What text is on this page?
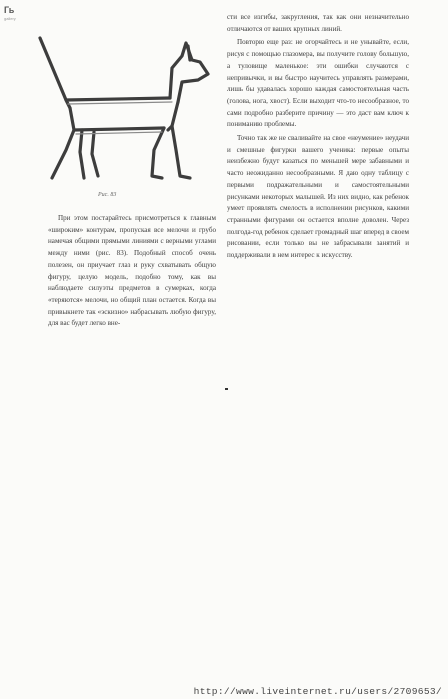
Гь
gallery
Рис. 83

сти все изгибы, закругления, так как они незначительно отличаются от ваших крупных линий.

Повторю еще раз: не огорчайтесь и не унывайте, если, рисуя с помощью глазомера, вы получите голову большую, а туловище маленькое: эти ошибки случаются с непривычки, и вы быстро научитесь управлять размерами, лишь бы удавалась хорошо каждая самостоятельная часть (голова, нога, хвост). Если выходит что-то несообразное, то сами подробно разберите причину — это даст вам ключ к пониманию проблемы.

Точно так же не сваливайте на свое «неумение» неудачи и смешные фигурки вашего ученика: первые опыты неизбежно будут казаться по меньшей мере забавными и часто неожиданно несообразными. Я даю одну таблицу с первыми подражательными и самостоятельными рисунками некоторых малышей. Из них видно, как ребенок умеет проявлять смелость в исполнении рисунков, какими странными фигурами он остается вполне доволен. Через полгода-год ребенок сделает громадный шаг вперед в своем рисовании, если только вы не забрасывали занятий и поддерживали в нем интерес к искусству.

При этом постарайтесь присмотреться к главным «широким» контурам, пропуская все мелочи и грубо намечая общими прямыми линиями с верными углами между ними (рис. 83). Подобный способ очень полезен, он приучает глаз и руку схватывать общую фигуру, целую модель, подобно тому, как вы наблюдаете силуэты предметов в сумерках, когда «теряются» мелочи, но общий план остается. Когда вы привыкнете так «эскизно» набрасывать любую фигуру, для вас будет легко вне-

http://www.liveinternet.ru/users/2709653/
